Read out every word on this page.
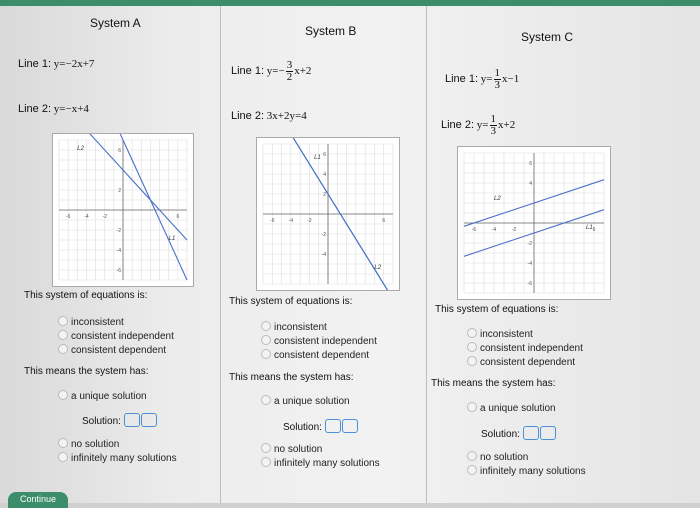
System A
Line 1: y=−2x+7
Line 2: y=−x+4
-6	-4	-2	6
6
2
-2
-4
-6
L2
L1
This system of equations is:
inconsistent
consistent independent
consistent dependent
This means the system has:
a unique solution
Solution:
no solution
infinitely many solutions
System B
Line 1: $y=- \frac{3}{2} x+2$
Line 2: 3x+2y=4
-6	-4	-2	6
6
4
2
-2
-4
L1
L2
This system of equations is:
inconsistent
consistent independent
consistent dependent
This means the system has:
a unique solution
Solution:
no solution
infinitely many solutions
System C
Line 1: $y= \frac{1}{3} x-1$
Line 2: $y= \frac{1}{3} x+2$
-6	-4	-2	6
6
4
-2
-4
-6
L2
L1
This system of equations is:
inconsistent
consistent independent
consistent dependent
This means the system has:
a unique solution
Solution:
no solution
infinitely many solutions
Continue
